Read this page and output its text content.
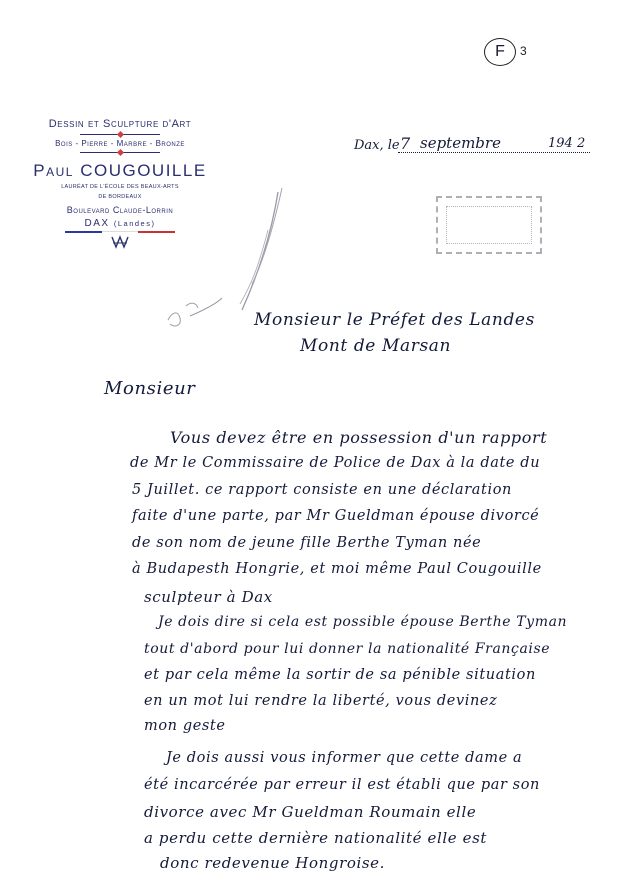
F 3
Dessin et Sculpture d'Art
Bois - Pierre - Marbre - Bronze
Paul COUGOUILLE
LAURÉAT DE L'ÉCOLE DES BEAUX-ARTS
DE BORDEAUX
Boulevard Claude-Lorrin
DAX (Landes)
Dax, le 7 septembre	194 2
Monsieur le Préfet des Landes
Mont de Marsan
Monsieur
Vous devez être en possession d'un rapport
de Mr le Commissaire de Police de Dax à la date du
5 Juillet. ce rapport consiste en une déclaration
faite d'une parte, par Mr Gueldman épouse divorcé
de son nom de jeune fille Berthe Tyman née
à Budapesth Hongrie, et moi même Paul Cougouille
sculpteur à Dax
Je dois dire si cela est possible épouse Berthe Tyman
tout d'abord pour lui donner la nationalité Française
et par cela même la sortir de sa pénible situation
en un mot lui rendre la liberté, vous devinez
mon geste
Je dois aussi vous informer que cette dame a
été incarcérée par erreur il est établi que par son
divorce avec Mr Gueldman Roumain elle
a perdu cette dernière nationalité elle est
donc redevenue Hongroise.
